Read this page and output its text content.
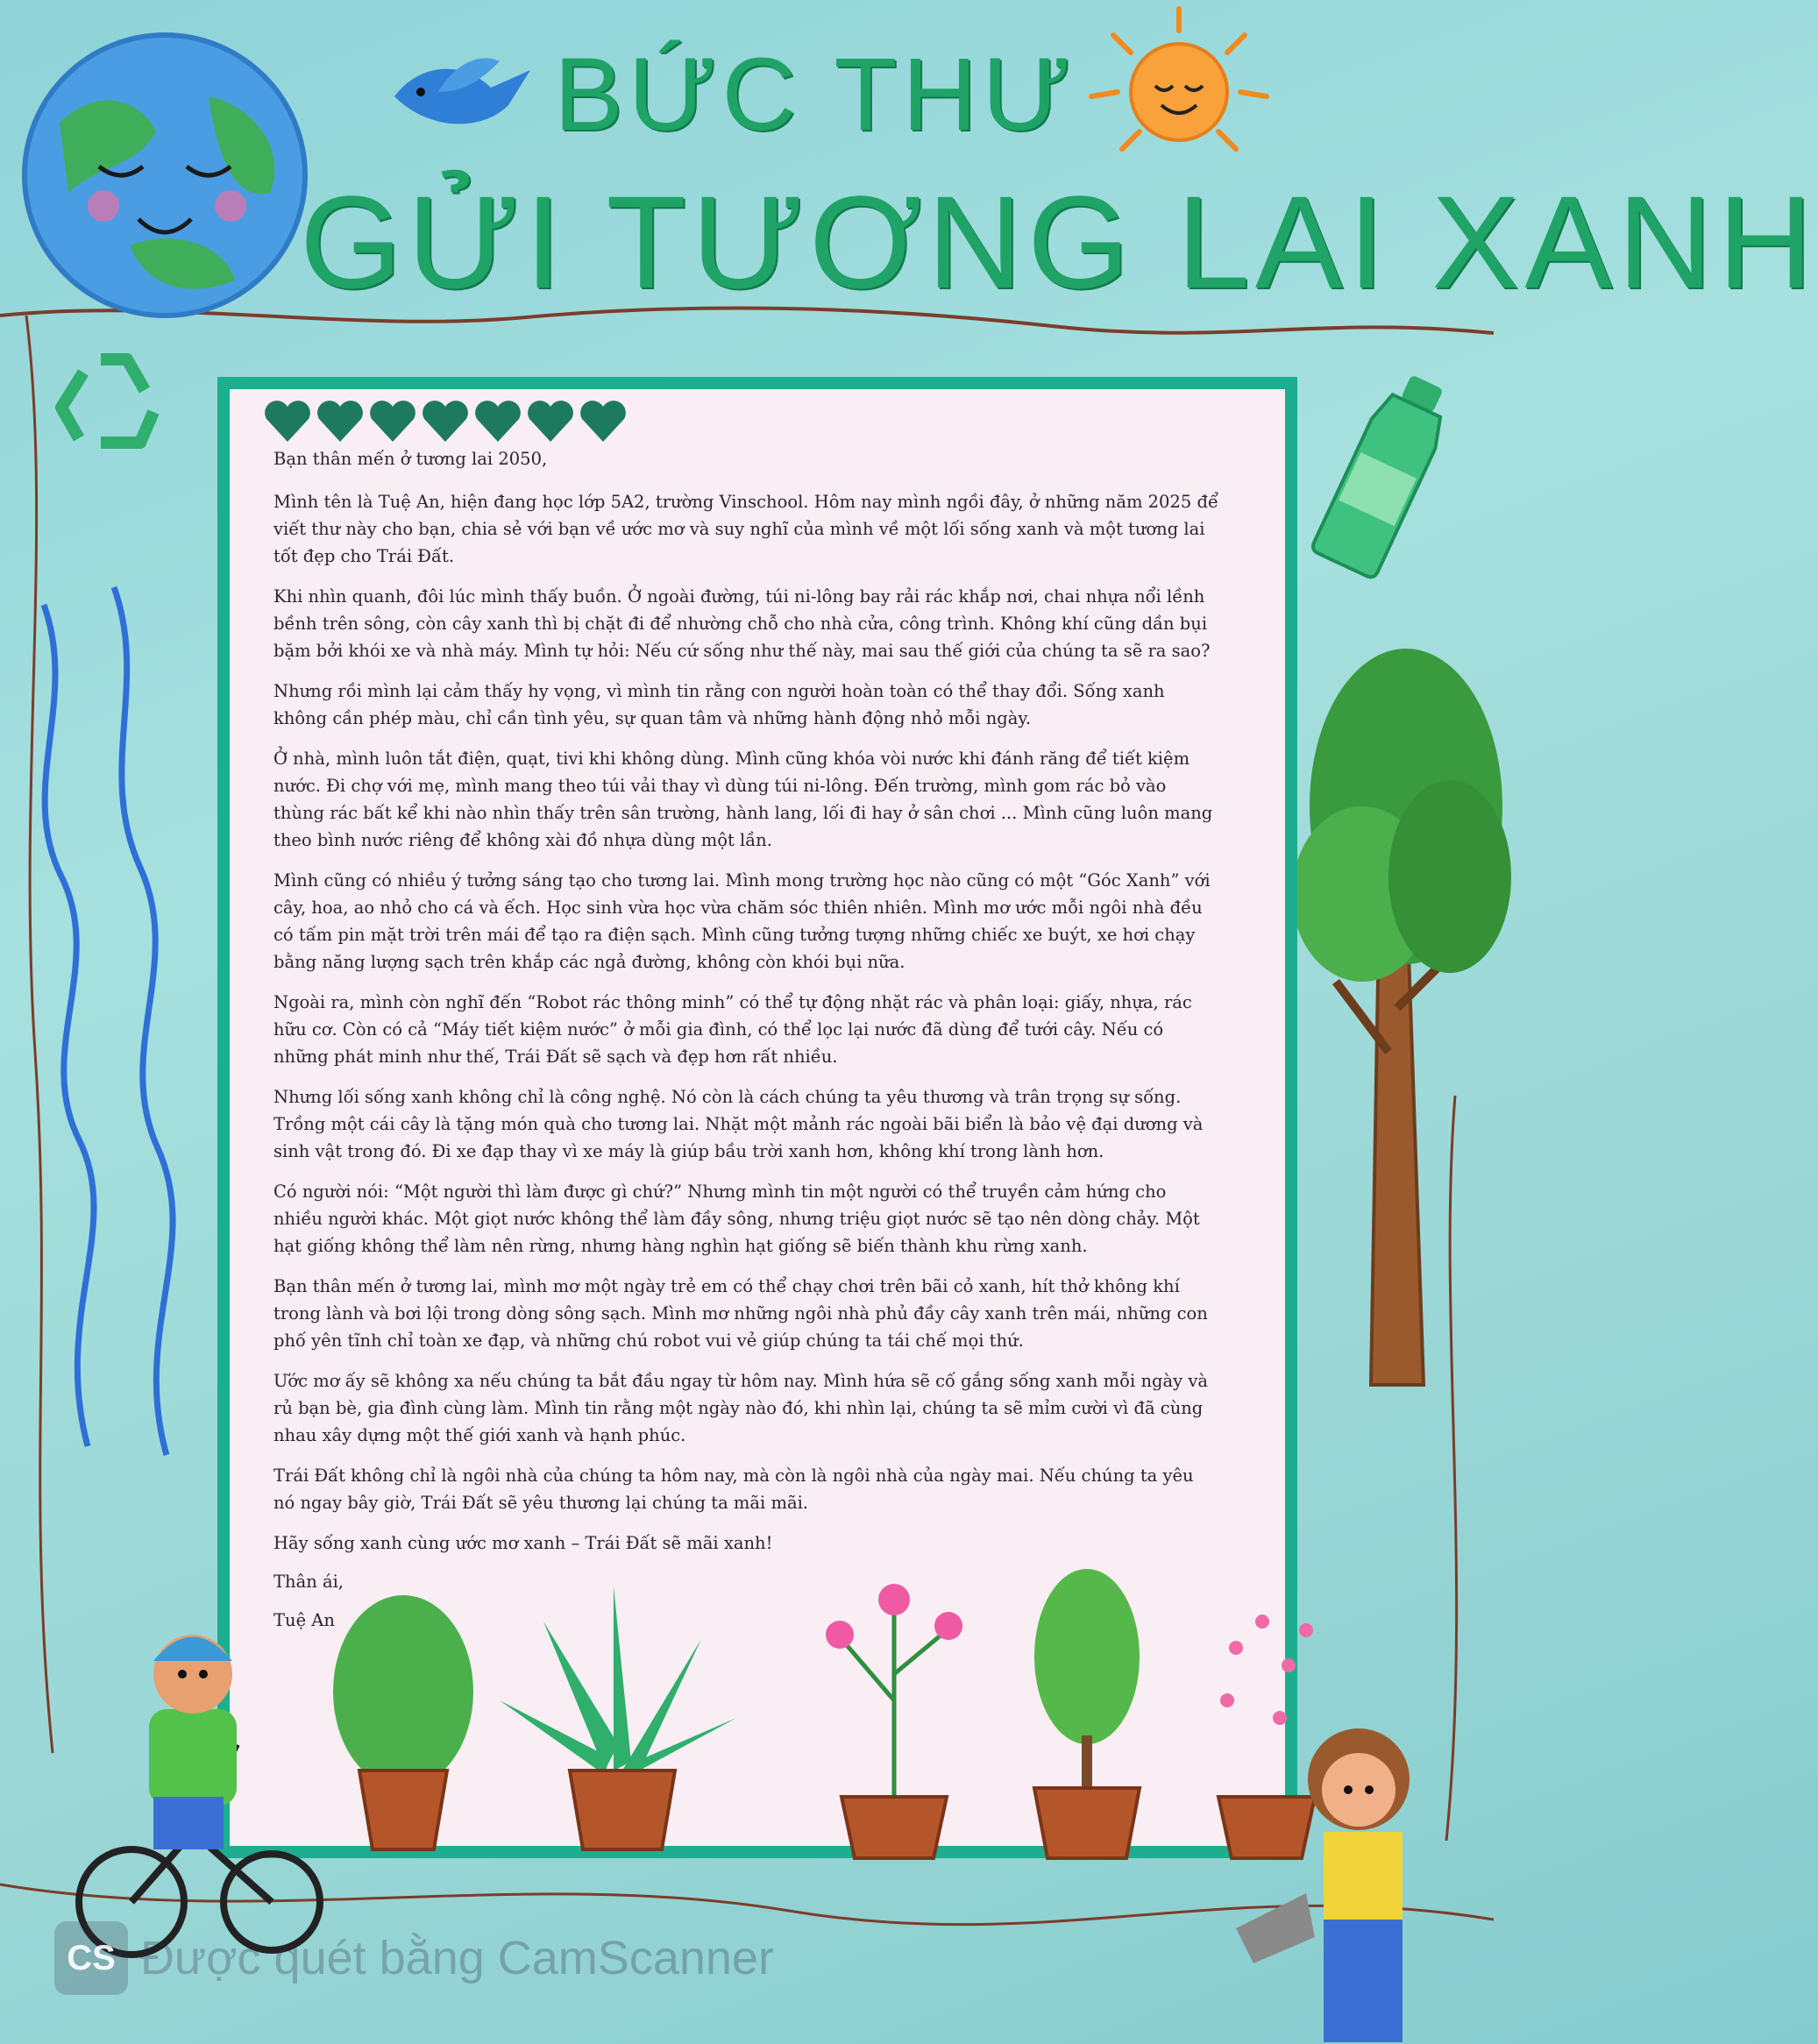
BỨC THƯ
GỬI TƯƠNG LAI XANH

Bạn thân mến ở tương lai 2050,

Mình tên là Tuệ An, hiện đang học lớp 5A2, trường Vinschool. Hôm nay mình ngồi đây, ở những năm 2025 để viết thư này cho bạn, chia sẻ với bạn về ước mơ và suy nghĩ của mình về một lối sống xanh và một tương lai tốt đẹp cho Trái Đất.

Khi nhìn quanh, đôi lúc mình thấy buồn. Ở ngoài đường, túi ni-lông bay rải rác khắp nơi, chai nhựa nổi lềnh bềnh trên sông, còn cây xanh thì bị chặt đi để nhường chỗ cho nhà cửa, công trình. Không khí cũng dần bụi bặm bởi khói xe và nhà máy. Mình tự hỏi: Nếu cứ sống như thế này, mai sau thế giới của chúng ta sẽ ra sao?

Nhưng rồi mình lại cảm thấy hy vọng, vì mình tin rằng con người hoàn toàn có thể thay đổi. Sống xanh không cần phép màu, chỉ cần tình yêu, sự quan tâm và những hành động nhỏ mỗi ngày.

Ở nhà, mình luôn tắt điện, quạt, tivi khi không dùng. Mình cũng khóa vòi nước khi đánh răng để tiết kiệm nước. Đi chợ với mẹ, mình mang theo túi vải thay vì dùng túi ni-lông. Đến trường, mình gom rác bỏ vào thùng rác bất kể khi nào nhìn thấy trên sân trường, hành lang, lối đi hay ở sân chơi ... Mình cũng luôn mang theo bình nước riêng để không xài đồ nhựa dùng một lần.

Mình cũng có nhiều ý tưởng sáng tạo cho tương lai. Mình mong trường học nào cũng có một “Góc Xanh” với cây, hoa, ao nhỏ cho cá và ếch. Học sinh vừa học vừa chăm sóc thiên nhiên. Mình mơ ước mỗi ngôi nhà đều có tấm pin mặt trời trên mái để tạo ra điện sạch. Mình cũng tưởng tượng những chiếc xe buýt, xe hơi chạy bằng năng lượng sạch trên khắp các ngả đường, không còn khói bụi nữa.

Ngoài ra, mình còn nghĩ đến “Robot rác thông minh” có thể tự động nhặt rác và phân loại: giấy, nhựa, rác hữu cơ. Còn có cả “Máy tiết kiệm nước” ở mỗi gia đình, có thể lọc lại nước đã dùng để tưới cây. Nếu có những phát minh như thế, Trái Đất sẽ sạch và đẹp hơn rất nhiều.

Nhưng lối sống xanh không chỉ là công nghệ. Nó còn là cách chúng ta yêu thương và trân trọng sự sống. Trồng một cái cây là tặng món quà cho tương lai. Nhặt một mảnh rác ngoài bãi biển là bảo vệ đại dương và sinh vật trong đó. Đi xe đạp thay vì xe máy là giúp bầu trời xanh hơn, không khí trong lành hơn.

Có người nói: “Một người thì làm được gì chứ?” Nhưng mình tin một người có thể truyền cảm hứng cho nhiều người khác. Một giọt nước không thể làm đầy sông, nhưng triệu giọt nước sẽ tạo nên dòng chảy. Một hạt giống không thể làm nên rừng, nhưng hàng nghìn hạt giống sẽ biến thành khu rừng xanh.

Bạn thân mến ở tương lai, mình mơ một ngày trẻ em có thể chạy chơi trên bãi cỏ xanh, hít thở không khí trong lành và bơi lội trong dòng sông sạch. Mình mơ những ngôi nhà phủ đầy cây xanh trên mái, những con phố yên tĩnh chỉ toàn xe đạp, và những chú robot vui vẻ giúp chúng ta tái chế mọi thứ.

Ước mơ ấy sẽ không xa nếu chúng ta bắt đầu ngay từ hôm nay. Mình hứa sẽ cố gắng sống xanh mỗi ngày và rủ bạn bè, gia đình cùng làm. Mình tin rằng một ngày nào đó, khi nhìn lại, chúng ta sẽ mỉm cười vì đã cùng nhau xây dựng một thế giới xanh và hạnh phúc.

Trái Đất không chỉ là ngôi nhà của chúng ta hôm nay, mà còn là ngôi nhà của ngày mai. Nếu chúng ta yêu nó ngay bây giờ, Trái Đất sẽ yêu thương lại chúng ta mãi mãi.

Hãy sống xanh cùng ước mơ xanh – Trái Đất sẽ mãi xanh!

Thân ái,

Tuệ An

CS Được quét bằng CamScanner
